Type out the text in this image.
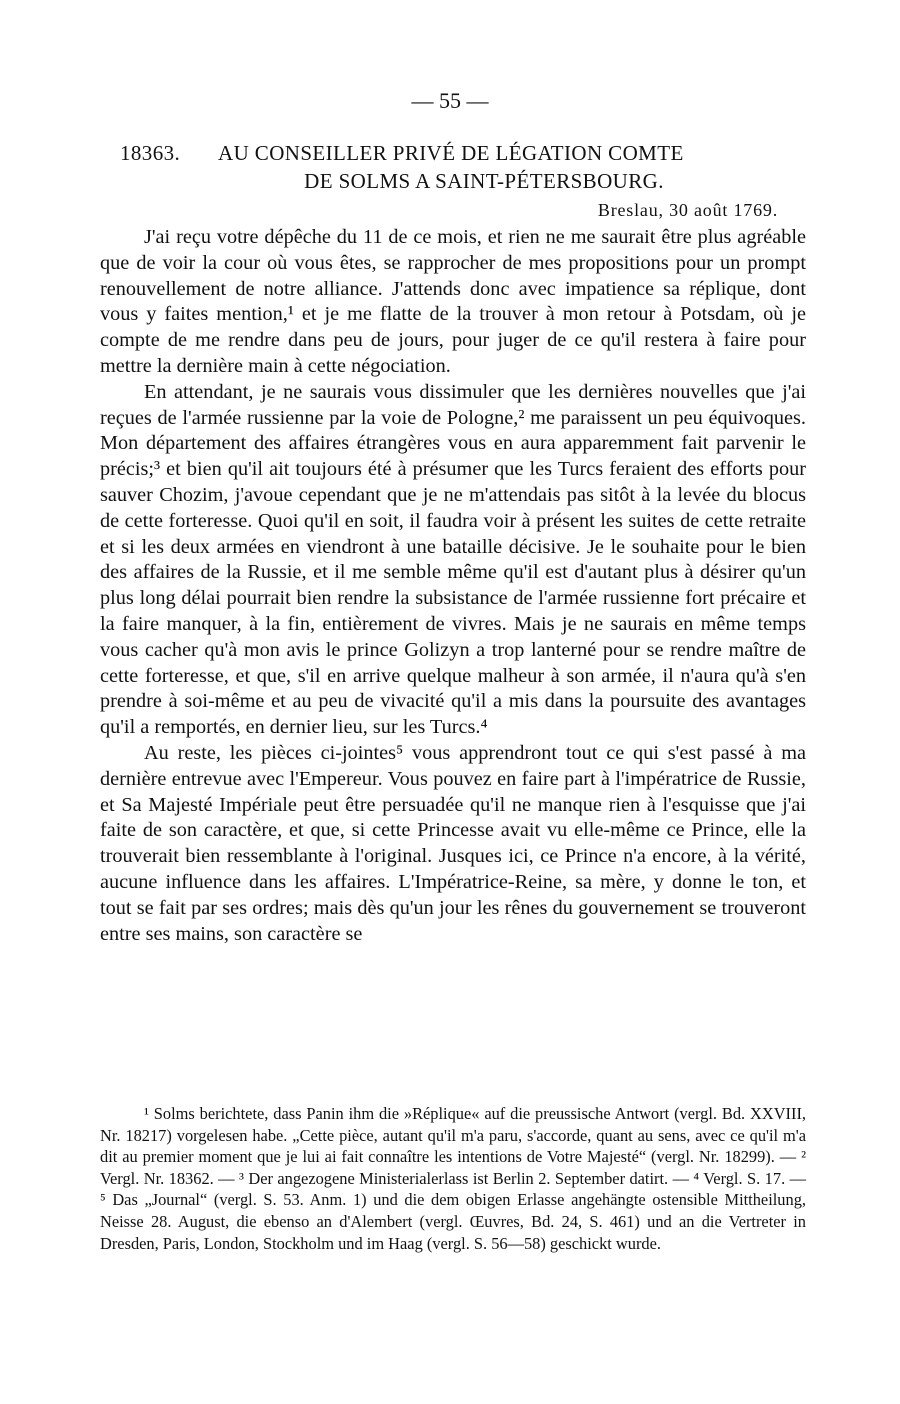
— 55 —
18363. AU CONSEILLER PRIVÉ DE LÉGATION COMTE
DE SOLMS A SAINT-PÉTERSBOURG.
Breslau, 30 août 1769.

J'ai reçu votre dépêche du 11 de ce mois, et rien ne me saurait être plus agréable que de voir la cour où vous êtes, se rapprocher de mes propositions pour un prompt renouvellement de notre alliance. J'attends donc avec impatience sa réplique, dont vous y faites mention,¹ et je me flatte de la trouver à mon retour à Potsdam, où je compte de me rendre dans peu de jours, pour juger de ce qu'il restera à faire pour mettre la dernière main à cette négociation.

En attendant, je ne saurais vous dissimuler que les dernières nouvelles que j'ai reçues de l'armée russienne par la voie de Pologne,² me paraissent un peu équivoques. Mon département des affaires étrangères vous en aura apparemment fait parvenir le précis;³ et bien qu'il ait toujours été à présumer que les Turcs feraient des efforts pour sauver Chozim, j'avoue cependant que je ne m'attendais pas sitôt à la levée du blocus de cette forteresse. Quoi qu'il en soit, il faudra voir à présent les suites de cette retraite et si les deux armées en viendront à une bataille décisive. Je le souhaite pour le bien des affaires de la Russie, et il me semble même qu'il est d'autant plus à désirer qu'un plus long délai pourrait bien rendre la subsistance de l'armée russienne fort précaire et la faire manquer, à la fin, entièrement de vivres. Mais je ne saurais en même temps vous cacher qu'à mon avis le prince Golizyn a trop lanterné pour se rendre maître de cette forteresse, et que, s'il en arrive quelque malheur à son armée, il n'aura qu'à s'en prendre à soi-même et au peu de vivacité qu'il a mis dans la poursuite des avantages qu'il a remportés, en dernier lieu, sur les Turcs.⁴

Au reste, les pièces ci-jointes⁵ vous apprendront tout ce qui s'est passé à ma dernière entrevue avec l'Empereur. Vous pouvez en faire part à l'impératrice de Russie, et Sa Majesté Impériale peut être persuadée qu'il ne manque rien à l'esquisse que j'ai faite de son caractère, et que, si cette Princesse avait vu elle-même ce Prince, elle la trouverait bien ressemblante à l'original. Jusques ici, ce Prince n'a encore, à la vérité, aucune influence dans les affaires. L'Impératrice-Reine, sa mère, y donne le ton, et tout se fait par ses ordres; mais dès qu'un jour les rênes du gouvernement se trouveront entre ses mains, son caractère se

¹ Solms berichtete, dass Panin ihm die »Réplique« auf die preussische Antwort (vergl. Bd. XXVIII, Nr. 18217) vorgelesen habe. „Cette pièce, autant qu'il m'a paru, s'accorde, quant au sens, avec ce qu'il m'a dit au premier moment que je lui ai fait connaître les intentions de Votre Majesté“ (vergl. Nr. 18299). — ² Vergl. Nr. 18362. — ³ Der angezogene Ministerialerlass ist Berlin 2. September datirt. — ⁴ Vergl. S. 17. — ⁵ Das „Journal“ (vergl. S. 53. Anm. 1) und die dem obigen Erlasse angehängte ostensible Mittheilung, Neisse 28. August, die ebenso an d'Alembert (vergl. Œuvres, Bd. 24, S. 461) und an die Vertreter in Dresden, Paris, London, Stockholm und im Haag (vergl. S. 56—58) geschickt wurde.
